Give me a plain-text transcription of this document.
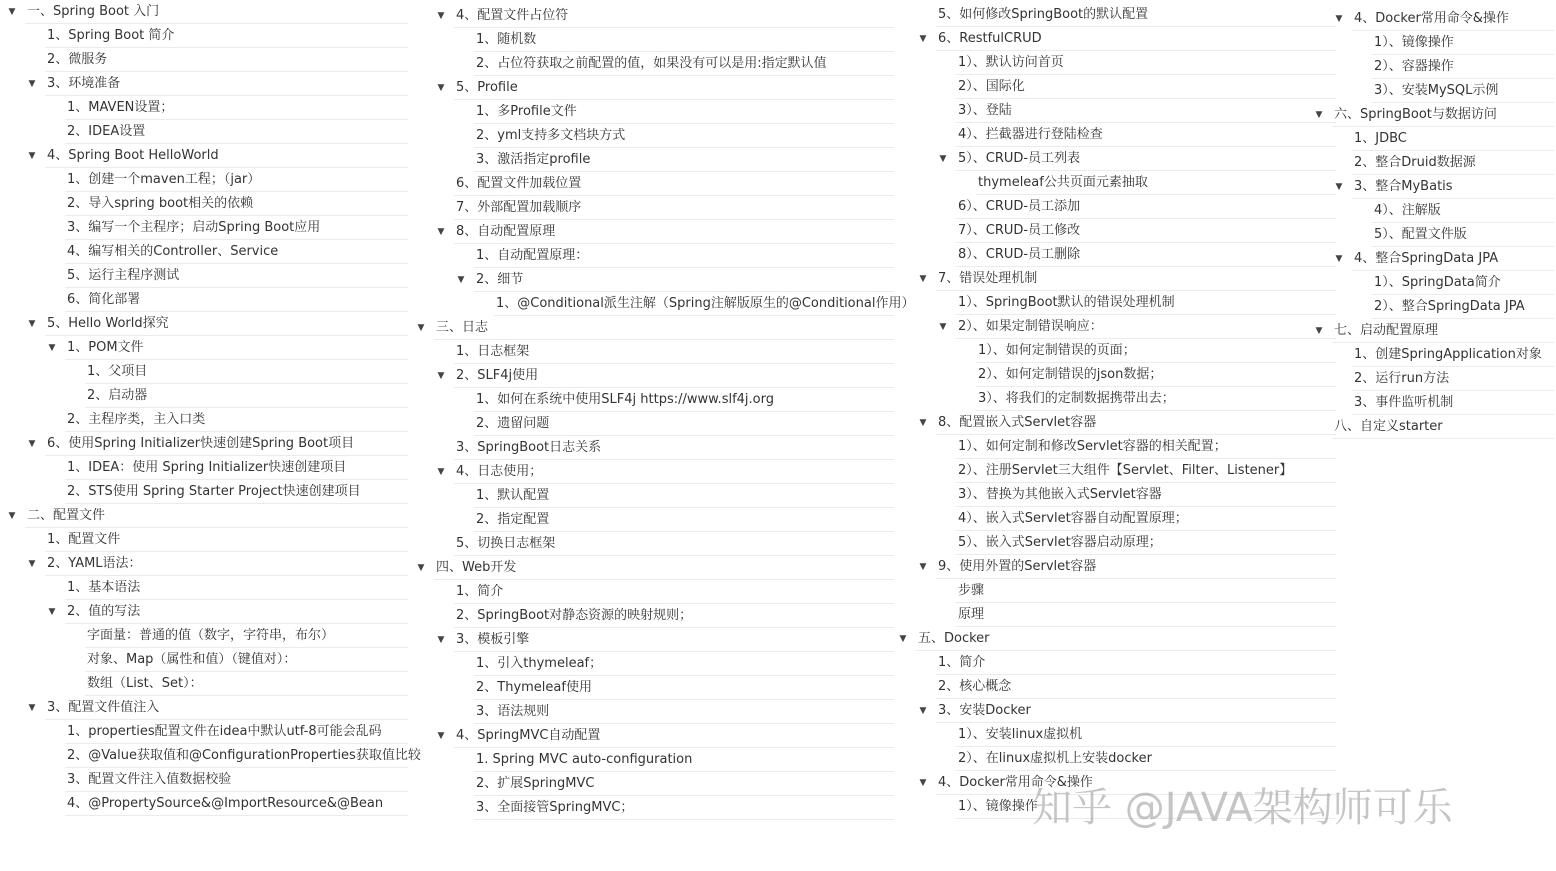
▼ 一、Spring Boot 入门
1、Spring Boot 简介
2、微服务
▼ 3、环境准备
1、MAVEN设置；
2、IDEA设置
▼ 4、Spring Boot HelloWorld
1、创建一个maven工程；（jar）
2、导入spring boot相关的依赖
3、编写一个主程序；启动Spring Boot应用
4、编写相关的Controller、Service
5、运行主程序测试
6、简化部署
▼ 5、Hello World探究
▼ 1、POM文件
1、父项目
2、启动器
2、主程序类，主入口类
▼ 6、使用Spring Initializer快速创建Spring Boot项目
1、IDEA：使用 Spring Initializer快速创建项目
2、STS使用 Spring Starter Project快速创建项目
▼ 二、配置文件
1、配置文件
▼ 2、YAML语法：
1、基本语法
▼ 2、值的写法
字面量：普通的值（数字，字符串，布尔）
对象、Map（属性和值）（键值对）：
数组（List、Set）：
▼ 3、配置文件值注入
1、properties配置文件在idea中默认utf-8可能会乱码
2、@Value获取值和@ConfigurationProperties获取值比较
3、配置文件注入值数据校验
4、@PropertySource&@ImportResource&@Bean
▼ 4、配置文件占位符
1、随机数
2、占位符获取之前配置的值，如果没有可以是用:指定默认值
▼ 5、Profile
1、多Profile文件
2、yml支持多文档块方式
3、激活指定profile
6、配置文件加载位置
7、外部配置加载顺序
▼ 8、自动配置原理
1、自动配置原理：
▼ 2、细节
1、@Conditional派生注解（Spring注解版原生的@Conditional作用）
▼ 三、日志
1、日志框架
▼ 2、SLF4j使用
1、如何在系统中使用SLF4j https://www.slf4j.org
2、遗留问题
3、SpringBoot日志关系
▼ 4、日志使用；
1、默认配置
2、指定配置
5、切换日志框架
▼ 四、Web开发
1、简介
2、SpringBoot对静态资源的映射规则；
▼ 3、模板引擎
1、引入thymeleaf；
2、Thymeleaf使用
3、语法规则
▼ 4、SpringMVC自动配置
1. Spring MVC auto-configuration
2、扩展SpringMVC
3、全面接管SpringMVC；
5、如何修改SpringBoot的默认配置
▼ 6、RestfulCRUD
1）、默认访问首页
2）、国际化
3）、登陆
4）、拦截器进行登陆检查
▼ 5）、CRUD-员工列表
thymeleaf公共页面元素抽取
6）、CRUD-员工添加
7）、CRUD-员工修改
8）、CRUD-员工删除
▼ 7、错误处理机制
1）、SpringBoot默认的错误处理机制
▼ 2）、如果定制错误响应：
1）、如何定制错误的页面；
2）、如何定制错误的json数据；
3）、将我们的定制数据携带出去；
▼ 8、配置嵌入式Servlet容器
1）、如何定制和修改Servlet容器的相关配置；
2）、注册Servlet三大组件【Servlet、Filter、Listener】
3）、替换为其他嵌入式Servlet容器
4）、嵌入式Servlet容器自动配置原理；
5）、嵌入式Servlet容器启动原理；
▼ 9、使用外置的Servlet容器
步骤
原理
▼ 五、Docker
1、简介
2、核心概念
▼ 3、安装Docker
1）、安装linux虚拟机
2）、在linux虚拟机上安装docker
▼ 4、Docker常用命令&操作
1）、镜像操作
▼ 4、Docker常用命令&操作
1）、镜像操作
2）、容器操作
3）、安装MySQL示例
▼ 六、SpringBoot与数据访问
1、JDBC
2、整合Druid数据源
▼ 3、整合MyBatis
4）、注解版
5）、配置文件版
▼ 4、整合SpringData JPA
1）、SpringData简介
2）、整合SpringData JPA
▼ 七、启动配置原理
1、创建SpringApplication对象
2、运行run方法
3、事件监听机制
八、自定义starter
知乎 @JAVA架构师可乐
